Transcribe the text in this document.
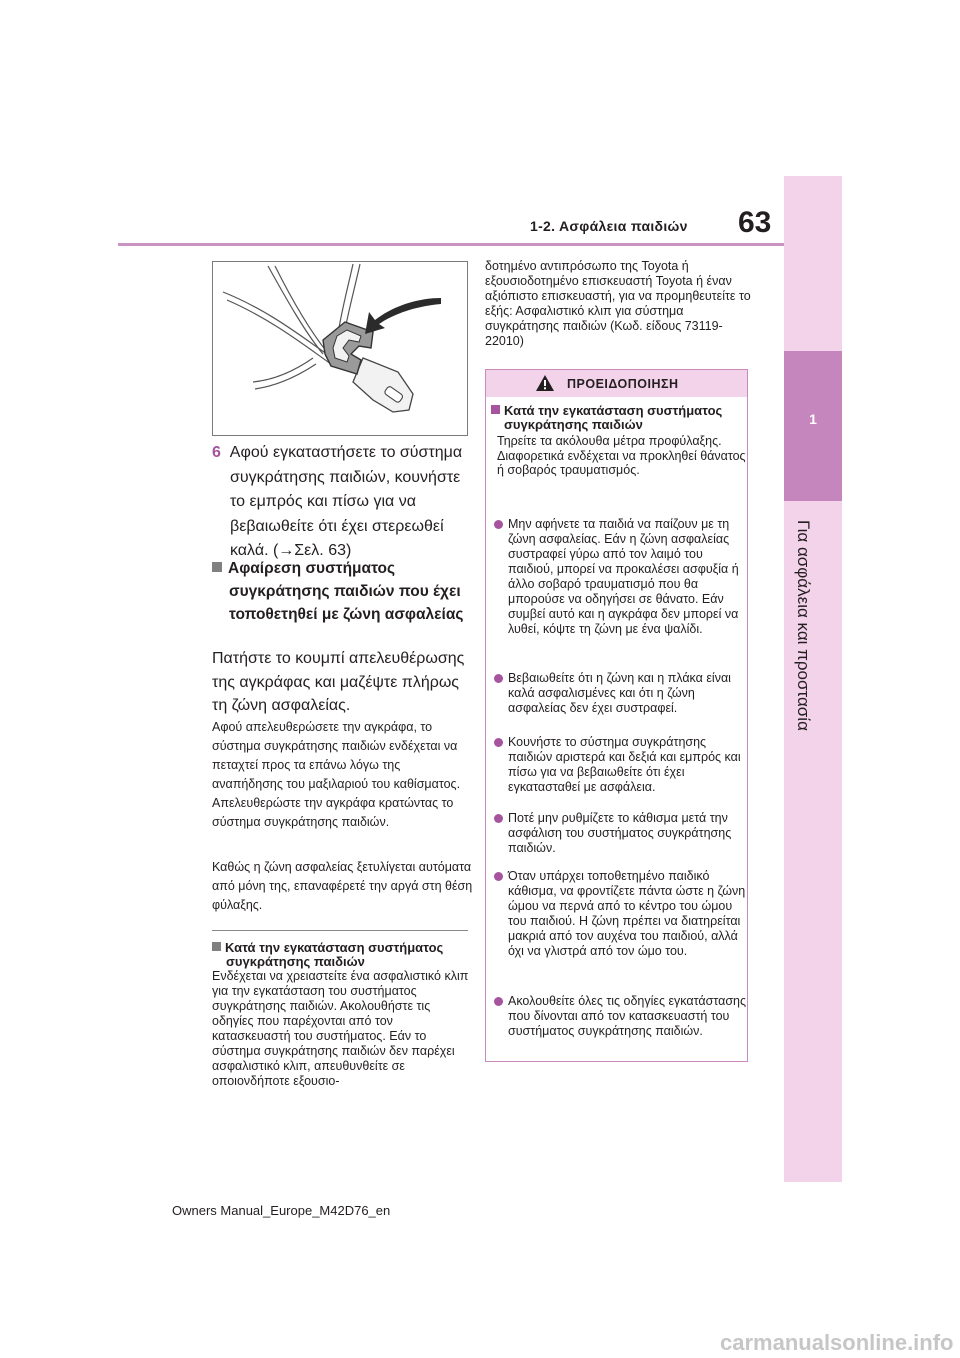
1-2. Ασφάλεια παιδιών	63
1
Για ασφάλεια και προστασία
6 Αφού εγκαταστήσετε το σύστημα συγκράτησης παιδιών, κουνήστε το εμπρός και πίσω για να βεβαιωθείτε ότι έχει στερεωθεί καλά. (→Σελ. 63)
Αφαίρεση συστήματος συγκράτησης παιδιών που έχει τοποθετηθεί με ζώνη ασφαλείας
Πατήστε το κουμπί απελευθέρωσης της αγκράφας και μαζέψτε πλήρως τη ζώνη ασφαλείας.
Αφού απελευθερώσετε την αγκράφα, το σύστημα συγκράτησης παιδιών ενδέχεται να πεταχτεί προς τα επάνω λόγω της αναπήδησης του μαξιλαριού του καθίσματος. Απελευθερώστε την αγκράφα κρατώντας το σύστημα συγκράτησης παιδιών.
Καθώς η ζώνη ασφαλείας ξετυλίγεται αυτόματα από μόνη της, επαναφέρετέ την αργά στη θέση φύλαξης.
Κατά την εγκατάσταση συστήματος συγκράτησης παιδιών
Ενδέχεται να χρειαστείτε ένα ασφαλιστικό κλιπ για την εγκατάσταση του συστήματος συγκράτησης παιδιών. Ακολουθήστε τις οδηγίες που παρέχονται από τον κατασκευαστή του συστήματος. Εάν το σύστημα συγκράτησης παιδιών δεν παρέχει ασφαλιστικό κλιπ, απευθυνθείτε σε οποιονδήποτε εξουσιο-
δοτημένο αντιπρόσωπο της Toyota ή εξουσιοδοτημένο επισκευαστή Toyota ή έναν αξιόπιστο επισκευαστή, για να προμηθευτείτε το εξής: Ασφαλιστικό κλιπ για σύστημα συγκράτησης παιδιών (Κωδ. είδους 73119-22010)
ΠΡΟΕΙΔΟΠΟΙΗΣΗ
Κατά την εγκατάσταση συστήματος συγκράτησης παιδιών
Τηρείτε τα ακόλουθα μέτρα προφύλαξης.
Διαφορετικά ενδέχεται να προκληθεί θάνατος ή σοβαρός τραυματισμός.
Μην αφήνετε τα παιδιά να παίζουν με τη ζώνη ασφαλείας. Εάν η ζώνη ασφαλείας συστραφεί γύρω από τον λαιμό του παιδιού, μπορεί να προκαλέσει ασφυξία ή άλλο σοβαρό τραυματισμό που θα μπορούσε να οδηγήσει σε θάνατο. Εάν συμβεί αυτό και η αγκράφα δεν μπορεί να λυθεί, κόψτε τη ζώνη με ένα ψαλίδι.
Βεβαιωθείτε ότι η ζώνη και η πλάκα είναι καλά ασφαλισμένες και ότι η ζώνη ασφαλείας δεν έχει συστραφεί.
Κουνήστε το σύστημα συγκράτησης παιδιών αριστερά και δεξιά και εμπρός και πίσω για να βεβαιωθείτε ότι έχει εγκατασταθεί με ασφάλεια.
Ποτέ μην ρυθμίζετε το κάθισμα μετά την ασφάλιση του συστήματος συγκράτησης παιδιών.
Όταν υπάρχει τοποθετημένο παιδικό κάθισμα, να φροντίζετε πάντα ώστε η ζώνη ώμου να περνά από το κέντρο του ώμου του παιδιού. Η ζώνη πρέπει να διατηρείται μακριά από τον αυχένα του παιδιού, αλλά όχι να γλιστρά από τον ώμο του.
Ακολουθείτε όλες τις οδηγίες εγκατάστασης που δίνονται από τον κατασκευαστή του συστήματος συγκράτησης παιδιών.
Owners Manual_Europe_M42D76_en
carmanualsonline.info
